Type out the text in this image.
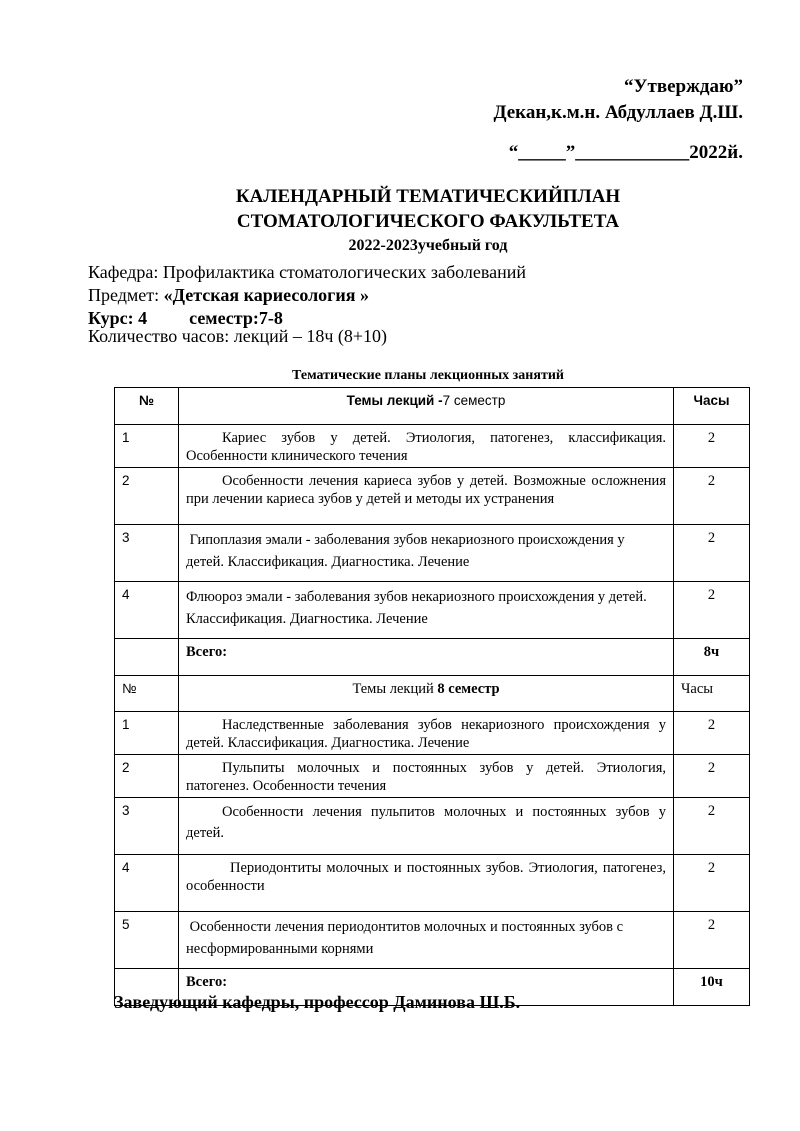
“Утверждаю”
Декан,к.м.н. Абдуллаев Д.Ш.
“_____”____________2022й.
КАЛЕНДАРНЫЙ ТЕМАТИЧЕСКИЙПЛАН
СТОМАТОЛОГИЧЕСКОГО ФАКУЛЬТЕТА
2022-2023учебный год
Кафедра: Профилактика стоматологических заболеваний
Предмет: «Детская кариесология »
Курс: 4 семестр:7-8
Количество часов: лекций – 18ч (8+10)
Тематические планы лекционных занятий
№	Темы лекций -7 семестр	Часы
1	Кариес зубов у детей. Этиология, патогенез, классификация. Особенности клинического течения	2
2	Особенности лечения кариеса зубов у детей. Возможные осложнения при лечении кариеса зубов у детей и методы их устранения	2
3	Гипоплазия эмали - заболевания зубов некариозного происхождения у детей. Классификация. Диагностика. Лечение	2
4	Флюороз эмали - заболевания зубов некариозного происхождения у детей. Классификация. Диагностика. Лечение	2
	Всего:	8ч
№	Темы лекций 8 семестр	Часы
1	Наследственные заболевания зубов некариозного происхождения у детей. Классификация. Диагностика. Лечение	2
2	Пульпиты молочных и постоянных зубов у детей. Этиология, патогенез. Особенности течения	2
3	Особенности лечения пульпитов молочных и постоянных зубов у детей.	2
4	Периодонтиты молочных и постоянных зубов. Этиология, патогенез, особенности	2
5	Особенности лечения периодонтитов молочных и постоянных зубов с несформированными корнями	2
	Всего:	10ч
Заведующий кафедры, профессор Даминова Ш.Б.
